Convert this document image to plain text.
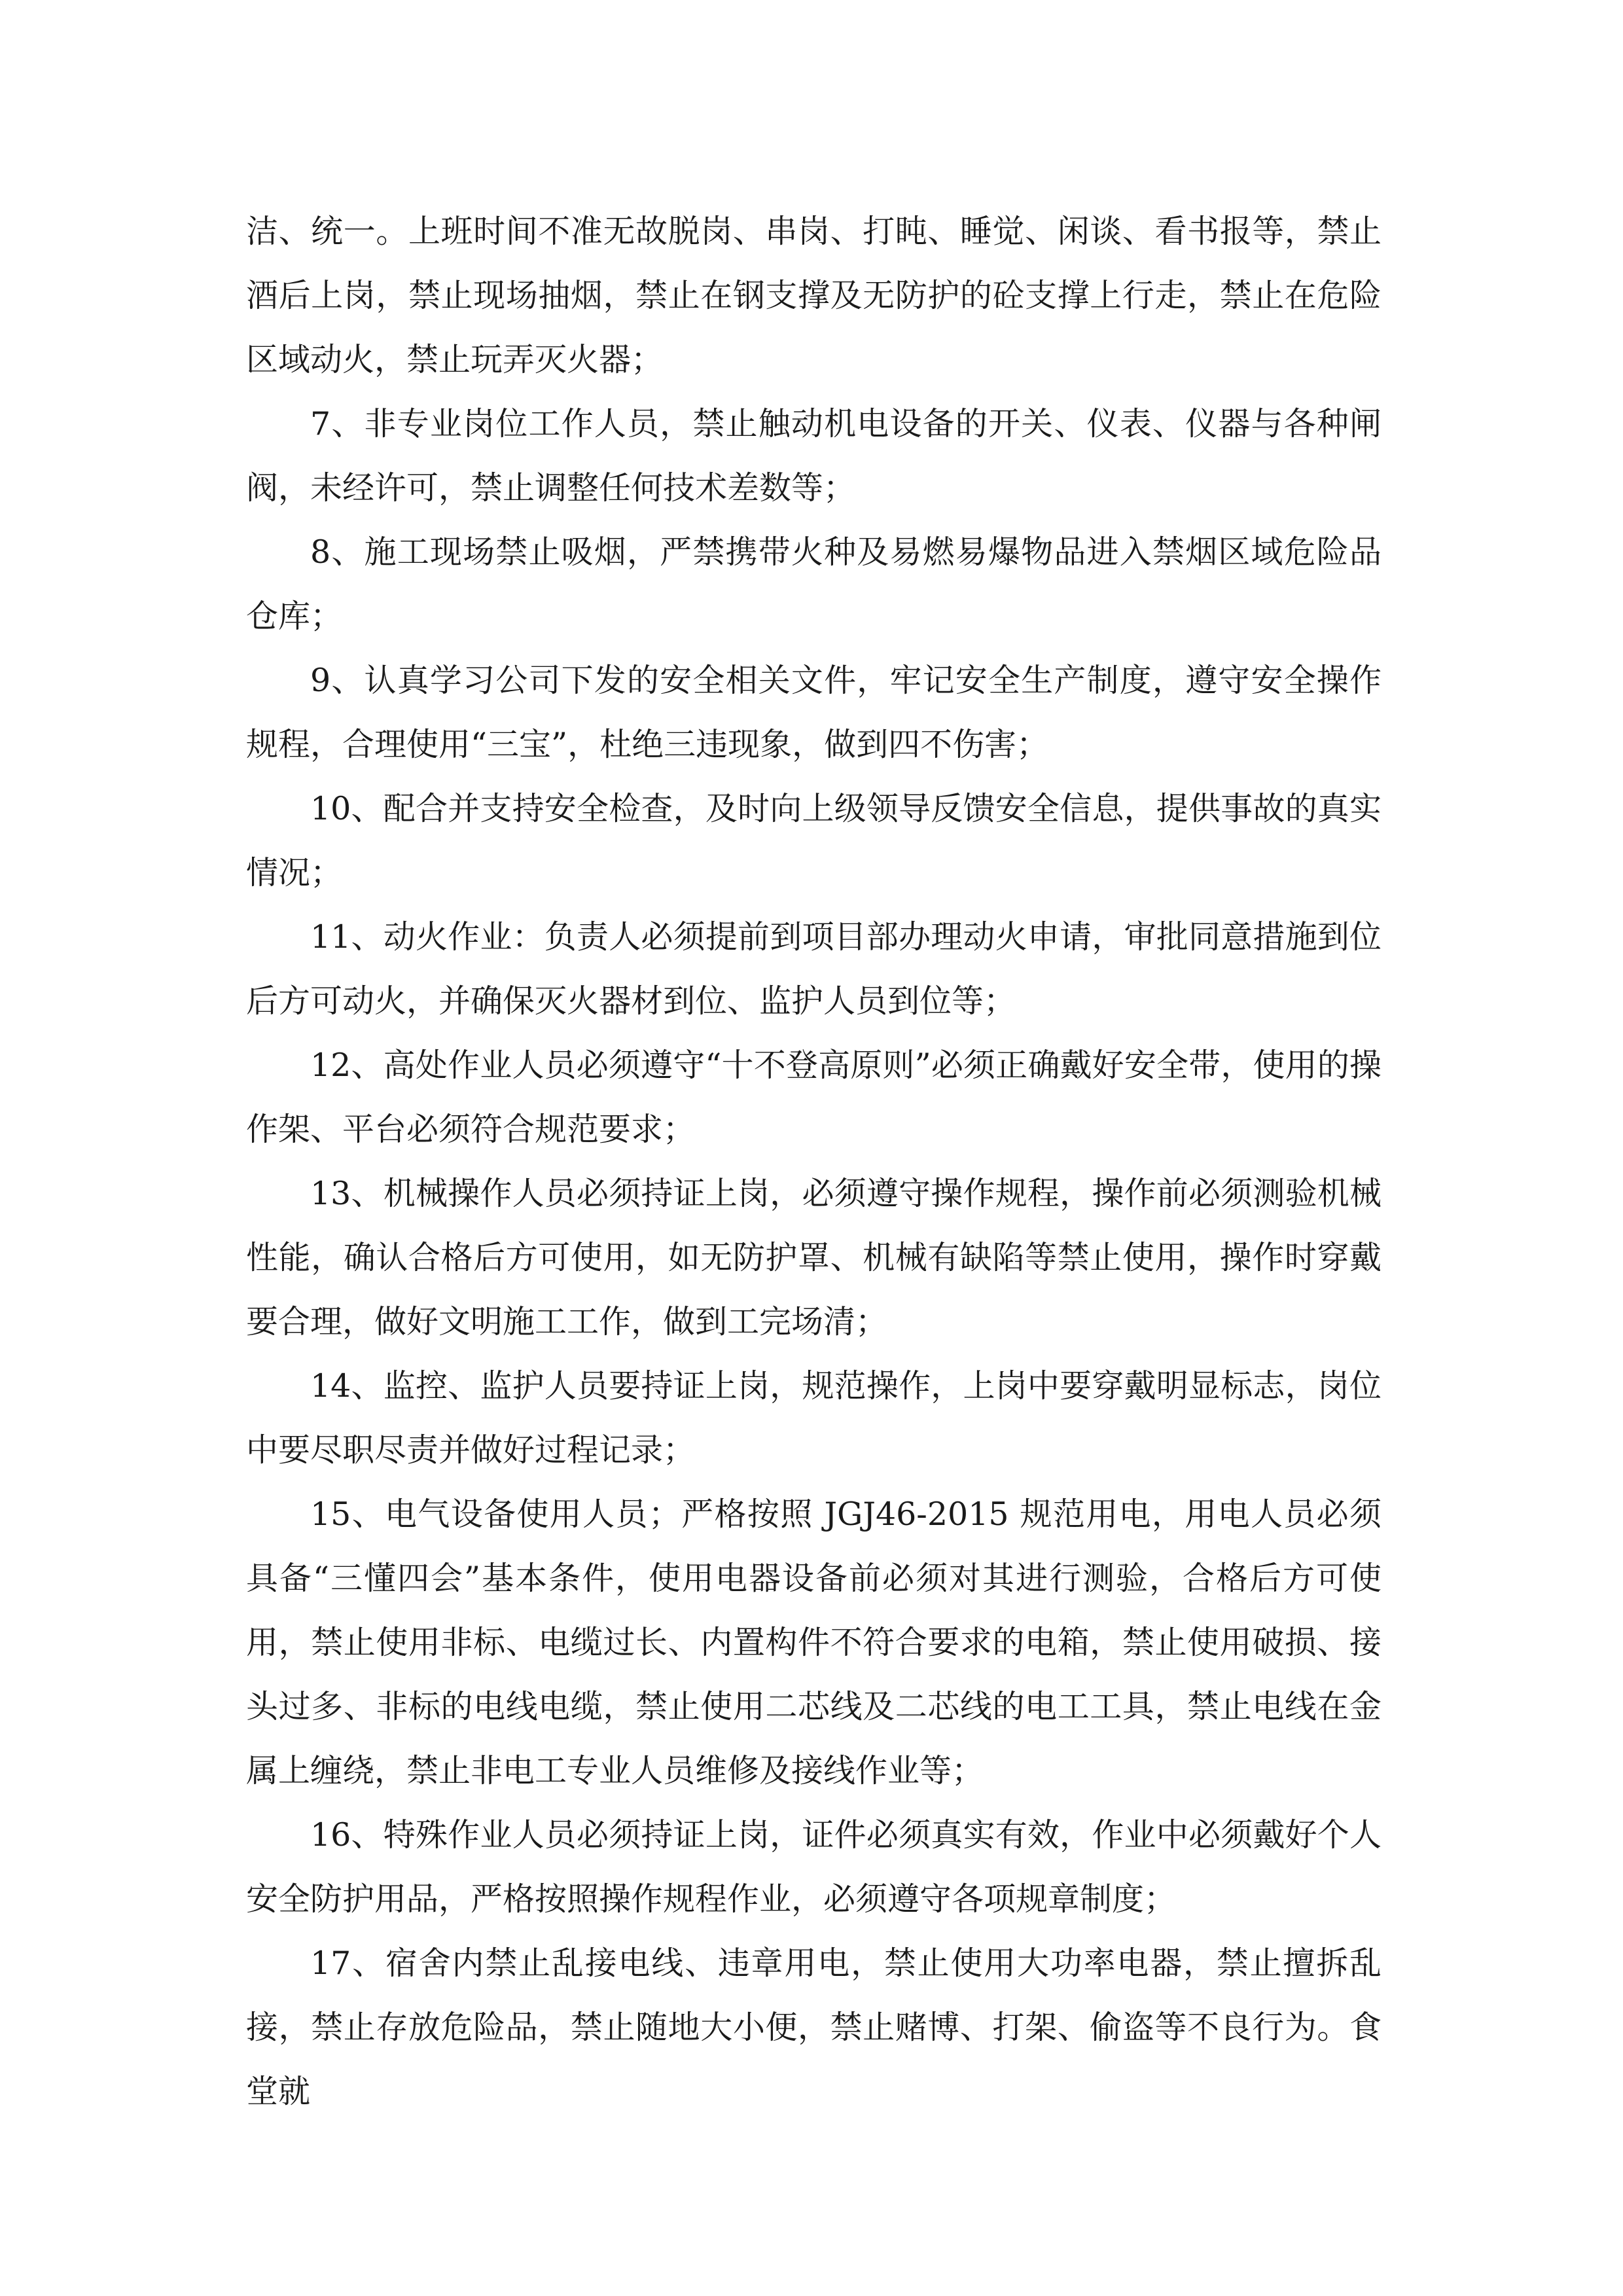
洁、统一。上班时间不准无故脱岗、串岗、打盹、睡觉、闲谈、看书报等，禁止酒后上岗，禁止现场抽烟，禁止在钢支撑及无防护的砼支撑上行走，禁止在危险区域动火，禁止玩弄灭火器；

7、非专业岗位工作人员，禁止触动机电设备的开关、仪表、仪器与各种闸阀，未经许可，禁止调整任何技术差数等；

8、施工现场禁止吸烟，严禁携带火种及易燃易爆物品进入禁烟区域危险品仓库；

9、认真学习公司下发的安全相关文件，牢记安全生产制度，遵守安全操作规程，合理使用“三宝”，杜绝三违现象，做到四不伤害；

10、配合并支持安全检查，及时向上级领导反馈安全信息，提供事故的真实情况；

11、动火作业：负责人必须提前到项目部办理动火申请，审批同意措施到位后方可动火，并确保灭火器材到位、监护人员到位等；

12、高处作业人员必须遵守“十不登高原则”必须正确戴好安全带，使用的操作架、平台必须符合规范要求；

13、机械操作人员必须持证上岗，必须遵守操作规程，操作前必须测验机械性能，确认合格后方可使用，如无防护罩、机械有缺陷等禁止使用，操作时穿戴要合理，做好文明施工工作，做到工完场清；

14、监控、监护人员要持证上岗，规范操作，上岗中要穿戴明显标志，岗位中要尽职尽责并做好过程记录；

15、电气设备使用人员；严格按照 JGJ46-2015 规范用电，用电人员必须具备“三懂四会”基本条件，使用电器设备前必须对其进行测验，合格后方可使用，禁止使用非标、电缆过长、内置构件不符合要求的电箱，禁止使用破损、接头过多、非标的电线电缆，禁止使用二芯线及二芯线的电工工具，禁止电线在金属上缠绕，禁止非电工专业人员维修及接线作业等；

16、特殊作业人员必须持证上岗，证件必须真实有效，作业中必须戴好个人安全防护用品，严格按照操作规程作业，必须遵守各项规章制度；

17、宿舍内禁止乱接电线、违章用电，禁止使用大功率电器，禁止擅拆乱接，禁止存放危险品，禁止随地大小便，禁止赌博、打架、偷盗等不良行为。食堂就
